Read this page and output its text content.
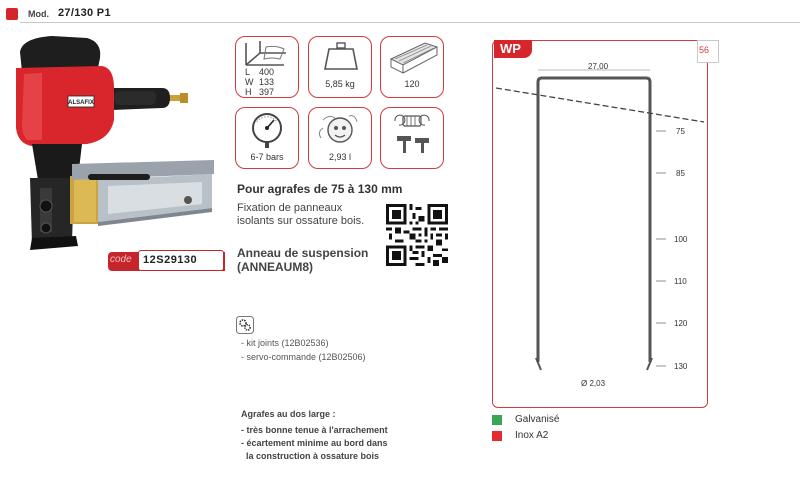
Mod. 27/130 P1
ALSAFIX
code 12S29130
L 400
W 133
H 397
5,85 kg	120
6-7 bars	2,93 l
Pour agrafes de 75 à 130 mm
Fixation de panneaux
isolants sur ossature bois.
Anneau de suspension
(ANNEAUM8)
- kit joints (12B02536)
- servo-commande (12B02506)
Agrafes au dos large :
- très bonne tenue à l'arrachement
- écartement minime au bord dans
la construction à ossature bois
WP	56
27,00
75
85
100
110
120
130
Ø 2,03
Galvanisé
Inox A2
